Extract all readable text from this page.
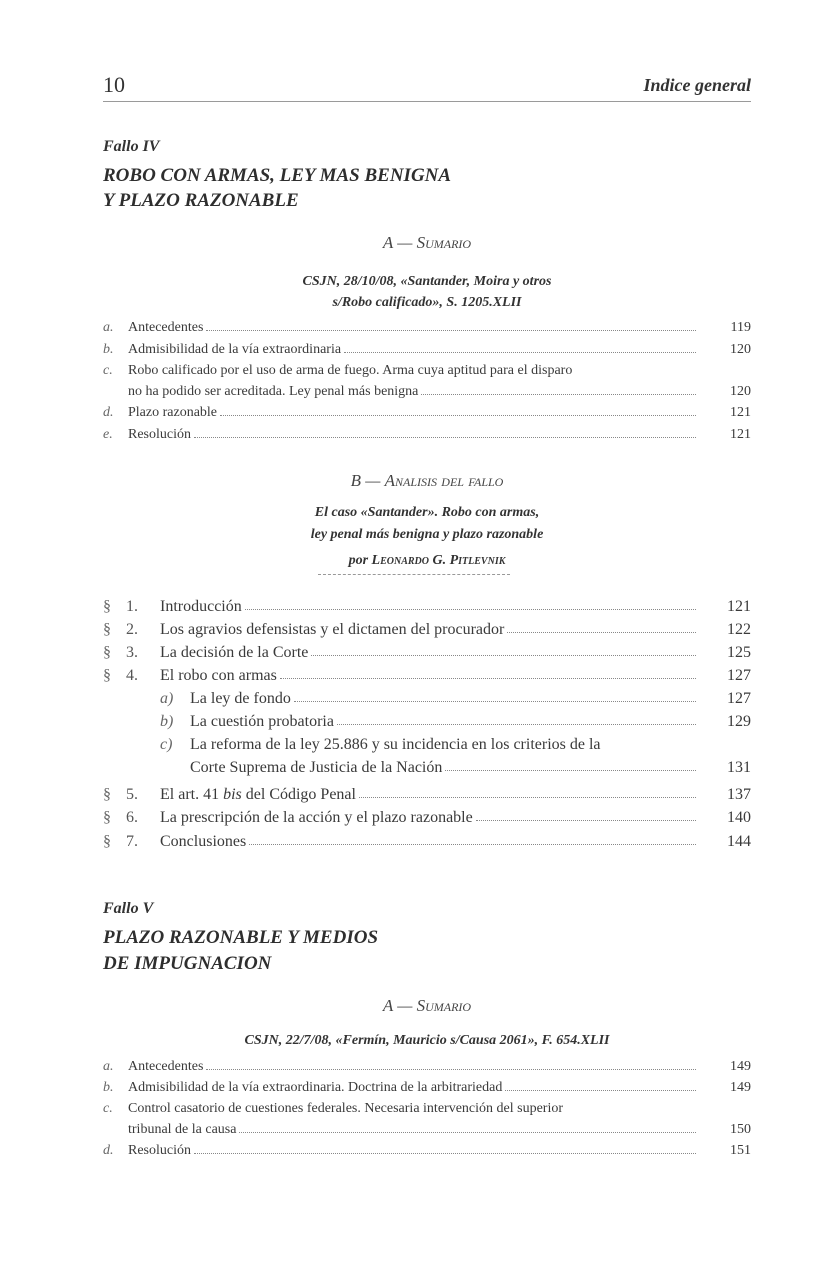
10	Indice general
Fallo IV
ROBO CON ARMAS, LEY MAS BENIGNA
Y PLAZO RAZONABLE
A — Sumario
CSJN, 28/10/08, «Santander, Moira y otros
s/Robo calificado», S. 1205.XLII
a. Antecedentes	119
b. Admisibilidad de la vía extraordinaria	120
c. Robo calificado por el uso de arma de fuego. Arma cuya aptitud para el disparo
no ha podido ser acreditada. Ley penal más benigna	120
d. Plazo razonable	121
e. Resolución	121
B — Analisis del fallo
El caso «Santander». Robo con armas,
ley penal más benigna y plazo razonable
por Leonardo G. Pitlevnik
§ 1. Introducción	121
§ 2. Los agravios defensistas y el dictamen del procurador	122
§ 3. La decisión de la Corte	125
§ 4. El robo con armas	127
a) La ley de fondo	127
b) La cuestión probatoria	129
c) La reforma de la ley 25.886 y su incidencia en los criterios de la
Corte Suprema de Justicia de la Nación	131
§ 5. El art. 41 bis del Código Penal	137
§ 6. La prescripción de la acción y el plazo razonable	140
§ 7. Conclusiones	144
Fallo V
PLAZO RAZONABLE Y MEDIOS
DE IMPUGNACION
A — Sumario
CSJN, 22/7/08, «Fermín, Mauricio s/Causa 2061», F. 654.XLII
a. Antecedentes	149
b. Admisibilidad de la vía extraordinaria. Doctrina de la arbitrariedad	149
c. Control casatorio de cuestiones federales. Necesaria intervención del superior
tribunal de la causa	150
d. Resolución	151
